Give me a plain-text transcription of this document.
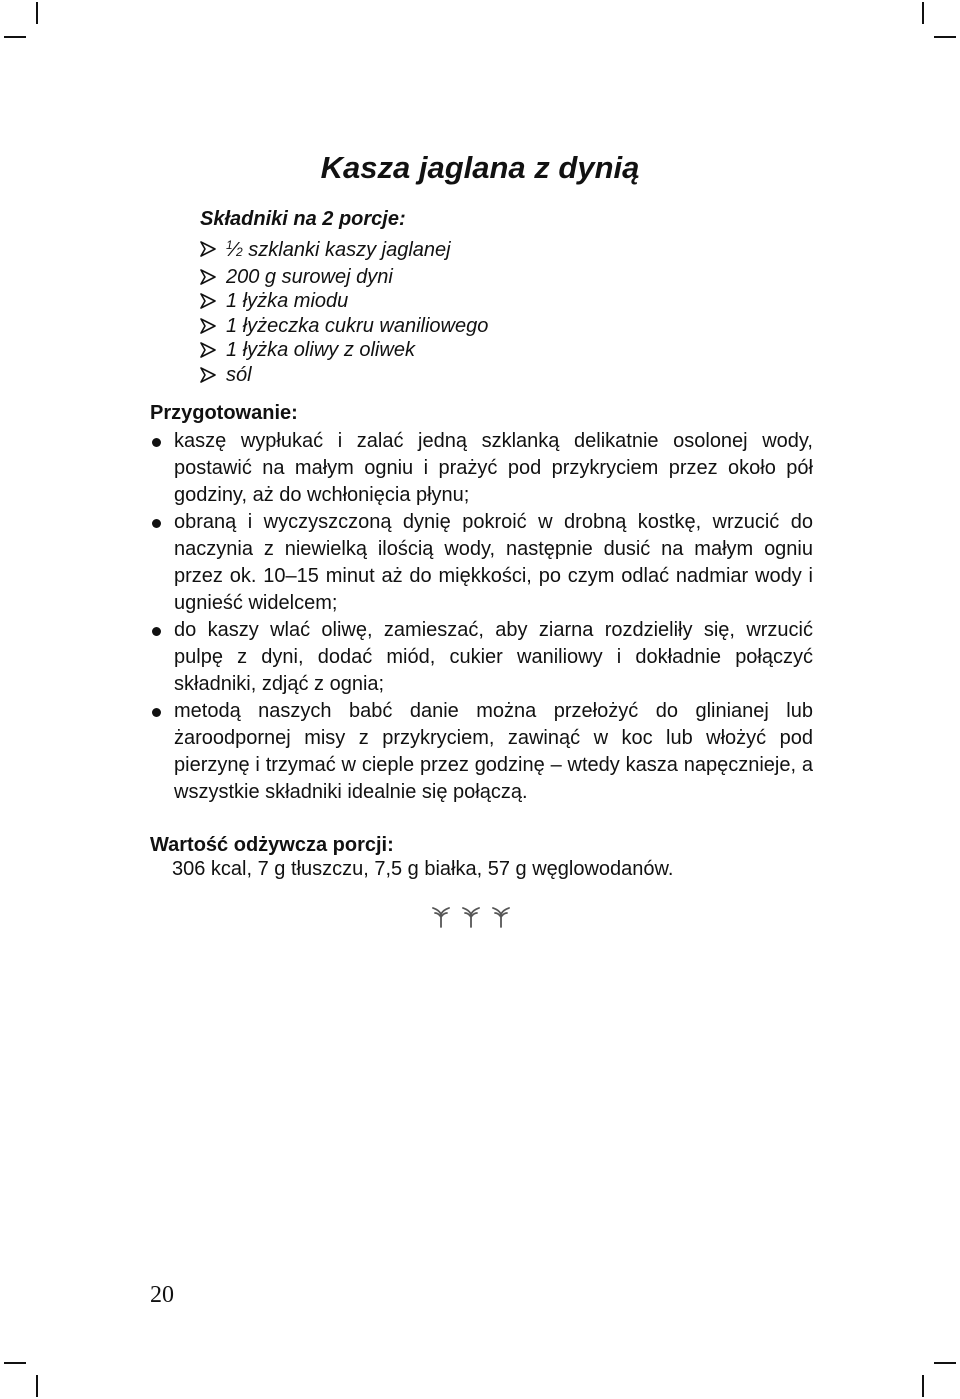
Kasza jaglana z dynią

Składniki na 2 porcje:

$^1$⁄2 szklanki kaszy jaglanej
200 g surowej dyni
1 łyżka miodu
1 łyżeczka cukru waniliowego
1 łyżka oliwy z oliwek
sól

Przygotowanie:

kaszę wypłukać i zalać jedną szklanką delikatnie osolonej wody, postawić na małym ogniu i prażyć pod przykryciem przez około pół godziny, aż do wchłonięcia płynu;
obraną i wyczyszczoną dynię pokroić w drobną kostkę, wrzucić do naczynia z niewielką ilością wody, następnie dusić na małym ogniu przez ok. 10–15 minut aż do miękkości, po czym odlać nadmiar wody i ugnieść widelcem;
do kaszy wlać oliwę, zamieszać, aby ziarna rozdzieliły się, wrzucić pulpę z dyni, dodać miód, cukier waniliowy i dokładnie połączyć składniki, zdjąć z ognia;
metodą naszych babć danie można przełożyć do glinianej lub żaroodpornej misy z przykryciem, zawinąć w koc lub włożyć pod pierzynę i trzymać w cieple przez godzinę – wtedy kasza napęcznieje, a wszystkie składniki idealnie się połączą.

Wartość odżywcza porcji:

306 kcal, 7 g tłuszczu, 7,5 g białka, 57 g węglowodanów.

20
